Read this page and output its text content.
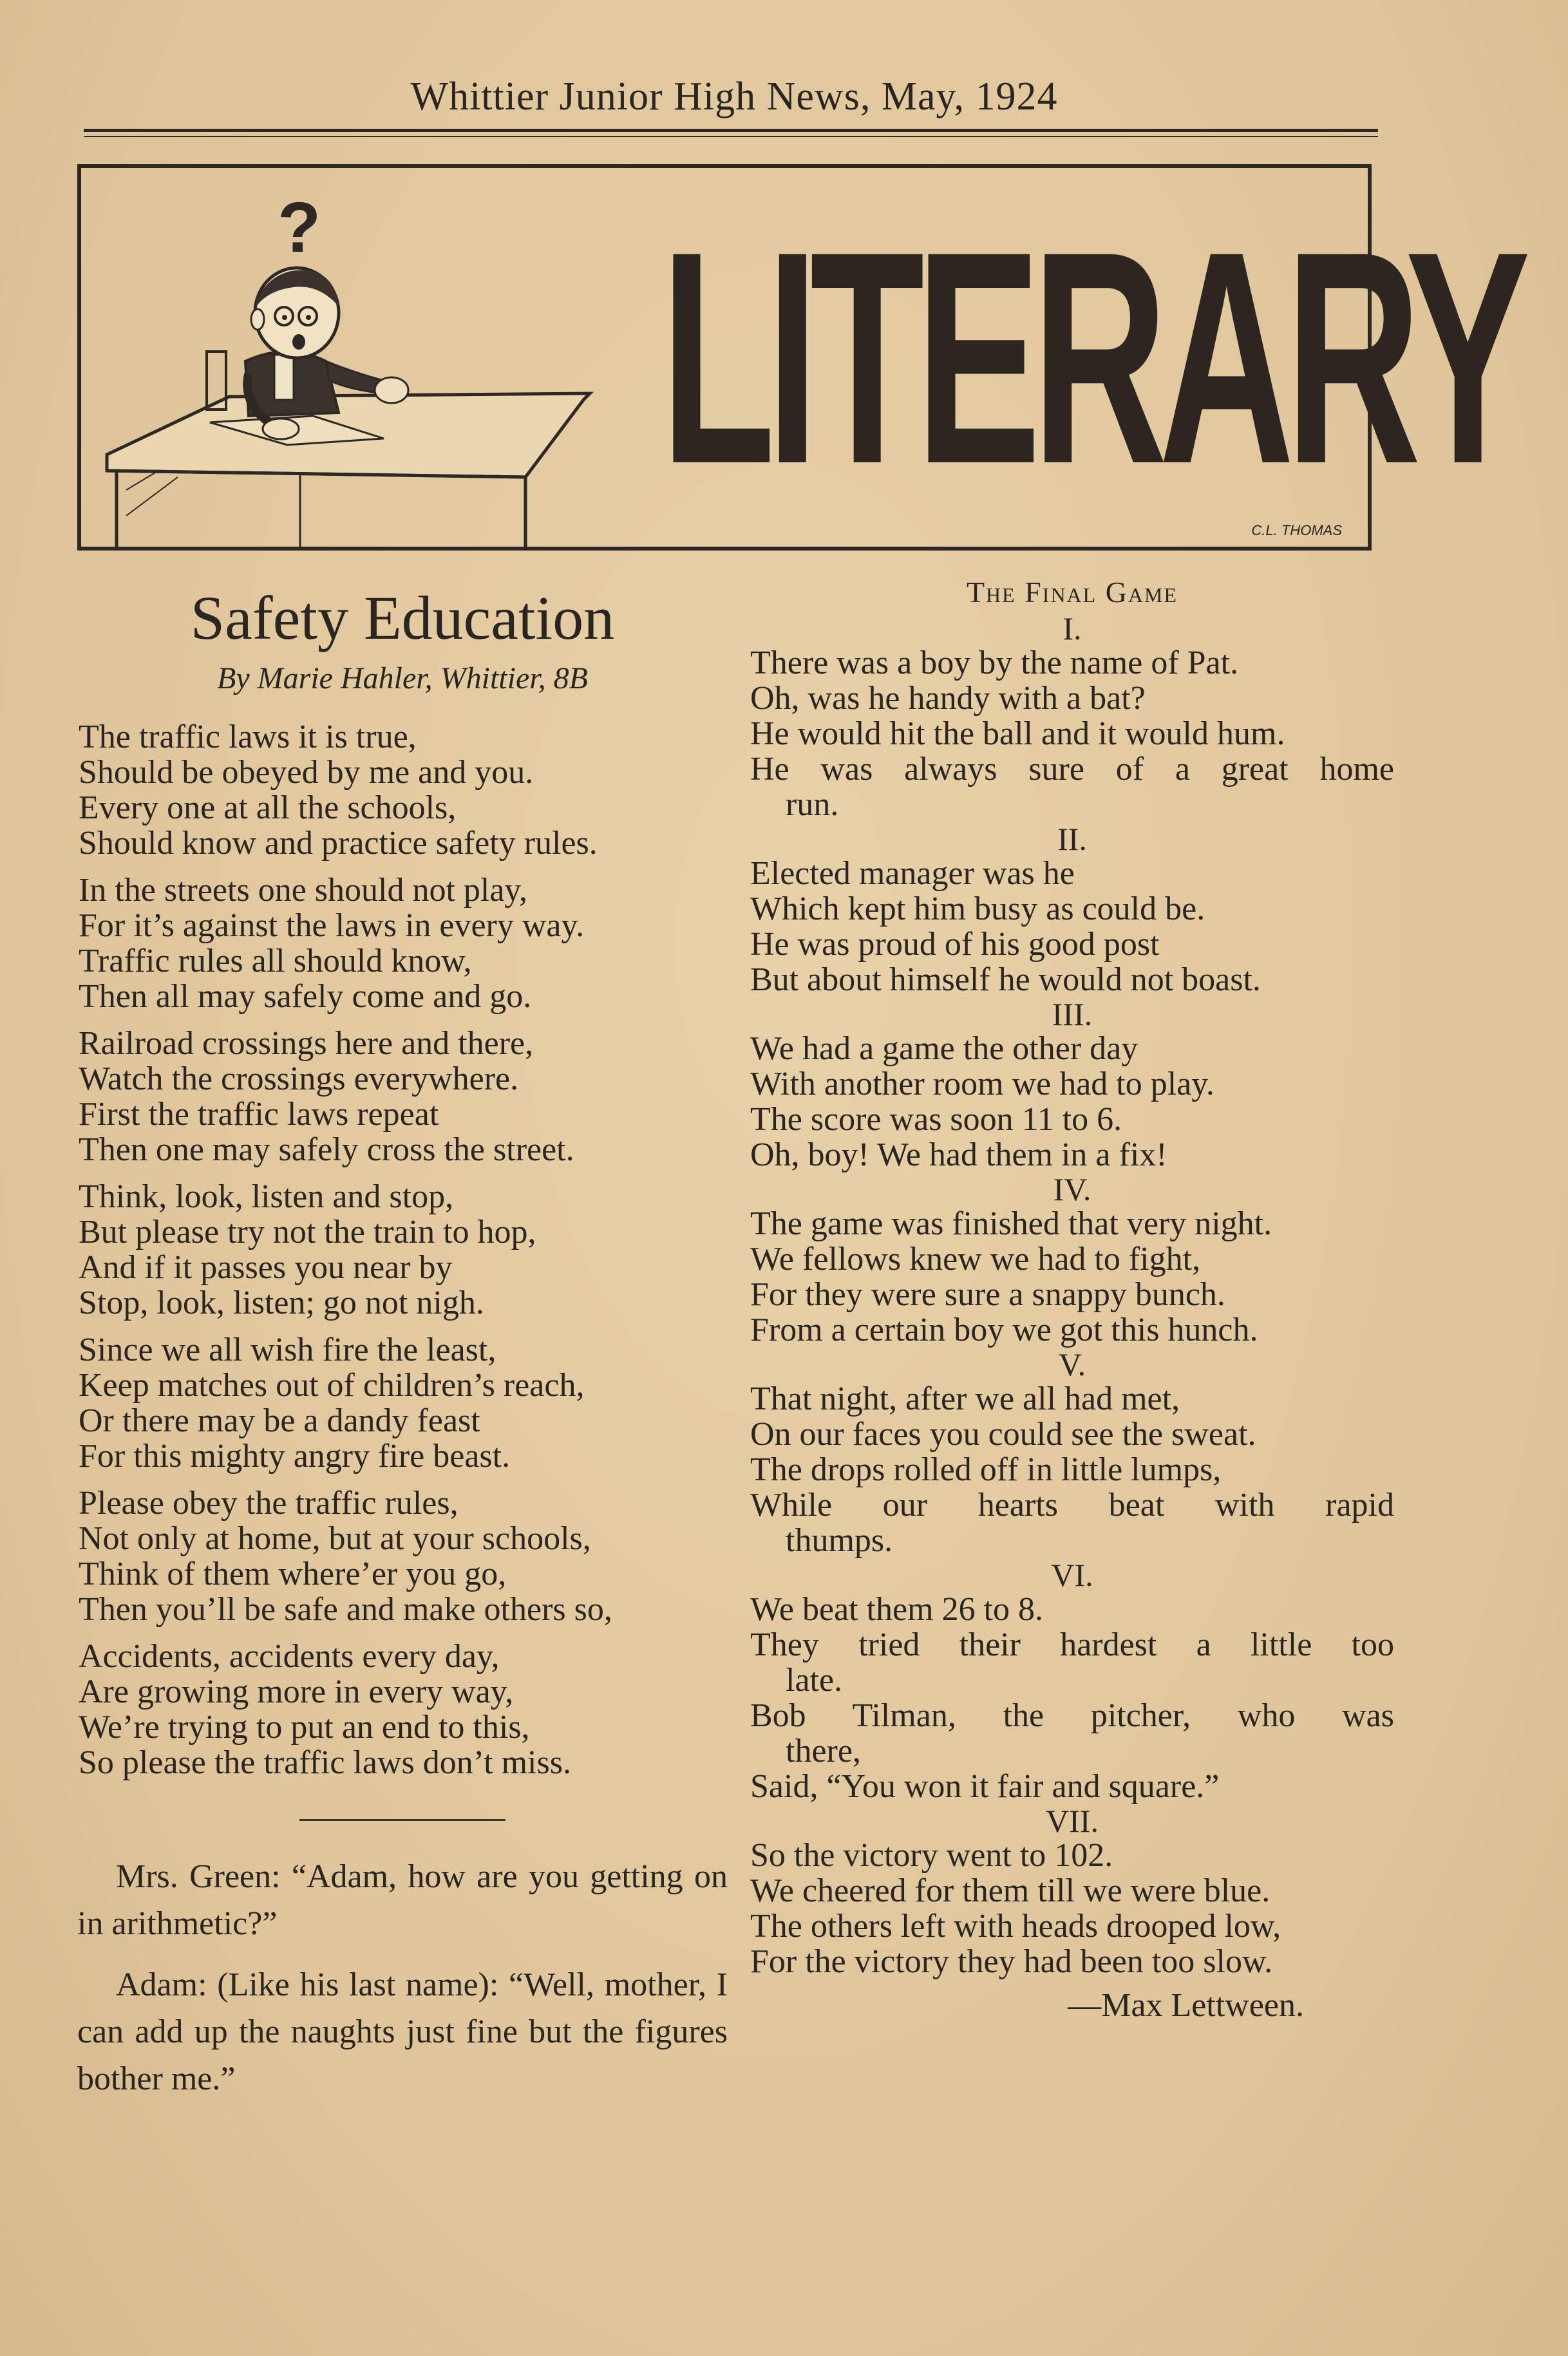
Whittier Junior High News, May, 1924
? LITERARY
C.L. THOMAS
Safety Education
By Marie Hahler, Whittier, 8B
The traffic laws it is true,
Should be obeyed by me and you.
Every one at all the schools,
Should know and practice safety rules.
In the streets one should not play,
For it’s against the laws in every way.
Traffic rules all should know,
Then all may safely come and go.
Railroad crossings here and there,
Watch the crossings everywhere.
First the traffic laws repeat
Then one may safely cross the street.
Think, look, listen and stop,
But please try not the train to hop,
And if it passes you near by
Stop, look, listen; go not nigh.
Since we all wish fire the least,
Keep matches out of children’s reach,
Or there may be a dandy feast
For this mighty angry fire beast.
Please obey the traffic rules,
Not only at home, but at your schools,
Think of them where’er you go,
Then you’ll be safe and make others so,
Accidents, accidents every day,
Are growing more in every way,
We’re trying to put an end to this,
So please the traffic laws don’t miss.

Mrs. Green: “Adam, how are you getting on in arithmetic?”

Adam: (Like his last name): “Well, mother, I can add up the naughts just fine but the figures bother me.”

The Final Game
I.
There was a boy by the name of Pat.
Oh, was he handy with a bat?
He would hit the ball and it would hum.
He was always sure of a great home
run.
II.
Elected manager was he
Which kept him busy as could be.
He was proud of his good post
But about himself he would not boast.
III.
We had a game the other day
With another room we had to play.
The score was soon 11 to 6.
Oh, boy! We had them in a fix!
IV.
The game was finished that very night.
We fellows knew we had to fight,
For they were sure a snappy bunch.
From a certain boy we got this hunch.
V.
That night, after we all had met,
On our faces you could see the sweat.
The drops rolled off in little lumps,
While our hearts beat with rapid
thumps.
VI.
We beat them 26 to 8.
They tried their hardest a little too
late.
Bob Tilman, the pitcher, who was
there,
Said, “You won it fair and square.”
VII.
So the victory went to 102.
We cheered for them till we were blue.
The others left with heads drooped low,
For the victory they had been too slow.
—Max Lettween.
